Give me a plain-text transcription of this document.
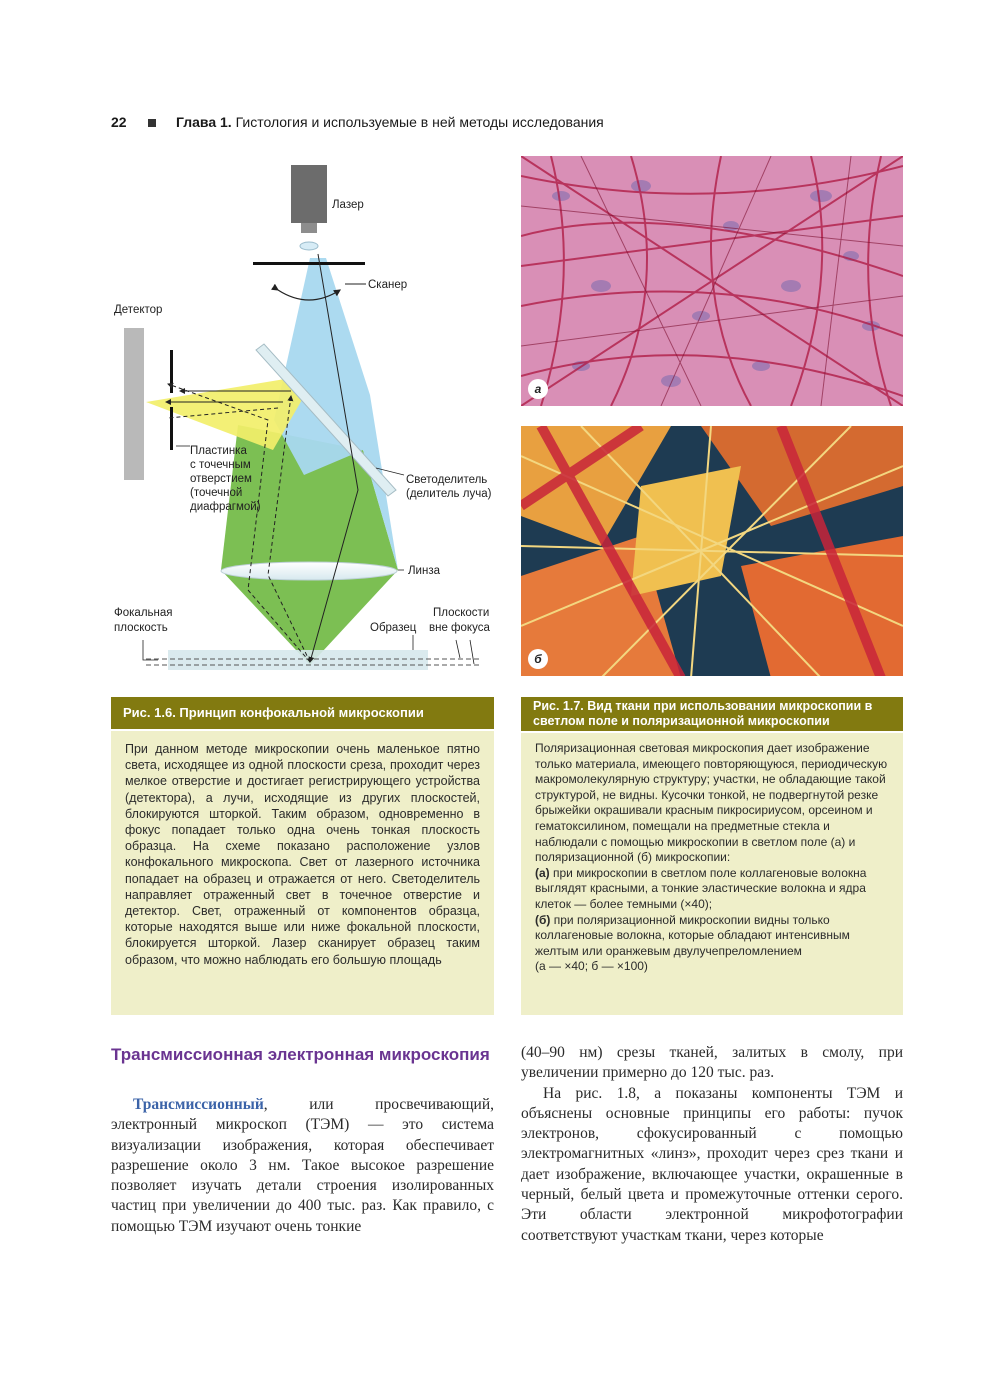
22	Глава 1. Гистология и используемые в ней методы исследования
Лазер
Сканер
Детектор
Пластинка
с точечным
отверстием
(точечной
диафрагмой)
Светоделитель
(делитель луча)
Линза
Фокальная
плоскость	Образец
Плоскости
вне фокуса
а
б
Рис. 1.6. Принцип конфокальной микроскопии

При данном методе микроскопии очень маленькое пятно света, исходящее из одной плоскости среза, проходит через мелкое отверстие и достигает регистрирующего устройства (детектора), а лучи, исходящие из других плоскостей, блокируются шторкой. Таким образом, одновременно в фокус попадает только одна очень тонкая плоскость образца. На схеме показано расположение узлов конфокального микроскопа. Свет от лазерного источника попадает на образец и отражается от него. Светоделитель направляет отраженный свет в точечное отверстие и детектор. Свет, отраженный от компонентов образца, которые находятся выше или ниже фокальной плоскости, блокируется шторкой. Лазер сканирует образец таким образом, что можно наблюдать его большую площадь

Рис. 1.7. Вид ткани при использовании микроскопии в светлом поле и поляризационной микроскопии

Поляризационная световая микроскопия дает изображение только материала, имеющего повторяющуюся, периодическую макромолекулярную структуру; участки, не обладающие такой структурой, не видны. Кусочки тонкой, не подвергнутой резке брыжейки окрашивали красным пикросириусом, орсеином и гематоксилином, помещали на предметные стекла и наблюдали с помощью микроскопии в светлом поле (а) и поляризационной (б) микроскопии:

(а) при микроскопии в светлом поле коллагеновые волокна выглядят красными, а тонкие эластические волокна и ядра клеток — более темными (×40);

(б) при поляризационной микроскопии видны только коллагеновые волокна, которые обладают интенсивным желтым или оранжевым двулучепреломлением

(а — ×40; б — ×100)

Трансмиссионная электронная микроскопия

Трансмиссионный, или просвечивающий, электронный микроскоп (ТЭМ) — это система визуализации изображения, которая обеспечивает разрешение около 3 нм. Такое высокое разрешение позволяет изучать детали строения изолированных частиц при увеличении до 400 тыс. раз. Как правило, с помощью ТЭМ изучают очень тонкие

(40–90 нм) срезы тканей, залитых в смолу, при увеличении примерно до 120 тыс. раз.

На рис. 1.8, а показаны компоненты ТЭМ и объяснены основные принципы его работы: пучок электронов, сфокусированный с помощью электромагнитных «линз», проходит через срез ткани и дает изображение, включающее участки, окрашенные в черный, белый цвета и промежуточные оттенки серого. Эти области электронной микрофотографии соответствуют участкам ткани, через которые
